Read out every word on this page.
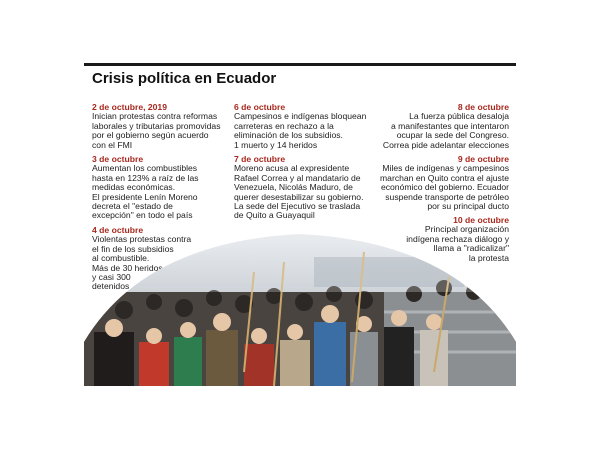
Crisis política en Ecuador
2 de octubre, 2019
Inician protestas contra reformas
laborales y tributarias promovidas
por el gobierno según acuerdo
con el FMI
3 de octubre
Aumentan los combustibles
hasta en 123% a raíz de las
medidas económicas.
El presidente Lenín Moreno
decreta el "estado de
excepción" en todo el país
4 de octubre
Violentas protestas contra
el fin de los subsidios
al combustible.
Más de 30 heridos
y casi 300
detenidos
6 de octubre
Campesinos e indígenas bloquean
carreteras en rechazo a la
eliminación de los subsidios.
1 muerto y 14 heridos
7 de octubre
Moreno acusa al expresidente
Rafael Correa y al mandatario de
Venezuela, Nicolás Maduro, de
querer desestabilizar su gobierno.
La sede del Ejecutivo se traslada
de Quito a Guayaquil
8 de octubre
La fuerza pública desaloja
a manifestantes que intentaron
ocupar la sede del Congreso.
Correa pide adelantar elecciones
9 de octubre
Miles de indígenas y campesinos
marchan en Quito contra el ajuste
económico del gobierno. Ecuador
suspende transporte de petróleo
por su principal ducto
10 de octubre
Principal organización
indígena rechaza diálogo y
llama a "radicalizar"
la protesta
